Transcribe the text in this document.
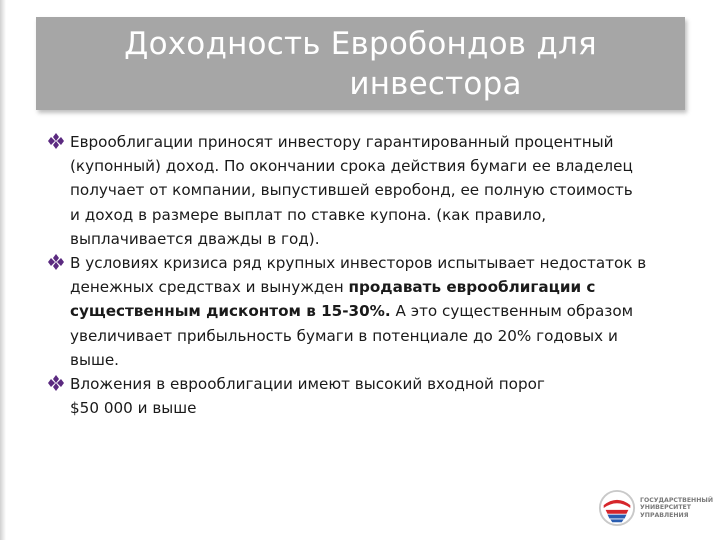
Доходность Евробондов для
инвестора
Еврооблигации приносят инвестору гарантированный процентный
(купонный) доход. По окончании срока действия бумаги ее владелец
получает от компании, выпустившей евробонд, ее полную стоимость
и доход в размере выплат по ставке купона. (как правило,
выплачивается дважды в год).
В условиях кризиса ряд крупных инвесторов испытывает недостаток в
денежных средствах и вынужден продавать еврооблигации с
существенным дисконтом в 15-30%. А это существенным образом
увеличивает прибыльность бумаги в потенциале до 20% годовых и
выше.
Вложения в еврооблигации имеют высокий входной порог
$50 000 и выше
ГОСУДАРСТВЕННЫЙ
УНИВЕРСИТЕТ
УПРАВЛЕНИЯ
